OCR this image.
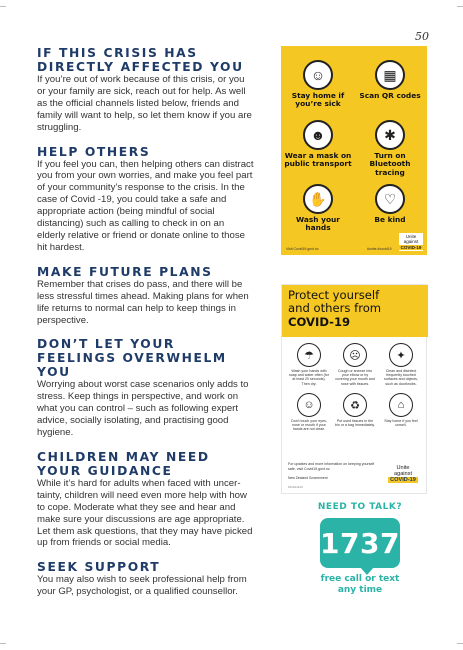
50
IF THIS CRISIS HAS DIRECTLY AFFECTED YOU

If you’re out of work because of this crisis, or you or your family are sick, reach out for help. As well as the official channels listed below, friends and family will want to help, so let them know if you are struggling.

HELP OTHERS

If you feel you can, then helping others can distract you from your own worries, and make you feel part of your community’s response to the crisis. In the case of Covid -19, you could take a safe and appropriate action (being mindful of social distancing) such as calling to check in on an elderly relative or friend or donate online to those hit hardest.

MAKE FUTURE PLANS

Remember that crises do pass, and there will be less stressful times ahead. Making plans for when life returns to normal can help to keep things in perspective.

DON’T LET YOUR FEELINGS OVERWHELM YOU

Worrying about worst case scenarios only adds to stress. Keep things in perspective, and work on what you can control – such as following expert advice, socially isolating, and practising good hygiene.

CHILDREN MAY NEED YOUR GUIDANCE

While it’s hard for adults when faced with uncer-tainty, children will need even more help with how to cope. Moderate what they see and hear and make sure your discussions are age appropriate. Let them ask questions, that they may have picked up from friends or social media.

SEEK SUPPORT

You may also wish to seek professional help from your GP, psychologist, or a qualified counsellor.

☺
Stay home if you’re sick
▦
Scan QR codes
☻
Wear a mask on public transport
✱
Turn on Bluetooth tracing
✋
Wash your hands
♡
Be kind
Visit Covid19.govt.nz	#unite #covid19
Unite against
COVID-19
Protect yourself
and others from
COVID-19
☂
Wash your hands with soap and water often (for at least 20 seconds). Then dry.
☹
Cough or sneeze into your elbow or by covering your mouth and nose with tissues.
✦
Clean and disinfect frequently touched surfaces and objects, such as doorknobs.
☺
Don’t touch your eyes, nose or mouth if your hands are not clean.
♻
Put used tissues in the bin or a bag immediately.
⌂
Stay home if you feel unwell.
For updates and more information on keeping yourself safe, visit Covid19.govt.nz
New Zealand Government
MOH11120
Unite against
COVID-19
NEED TO TALK?
1737
free call or text
any time
